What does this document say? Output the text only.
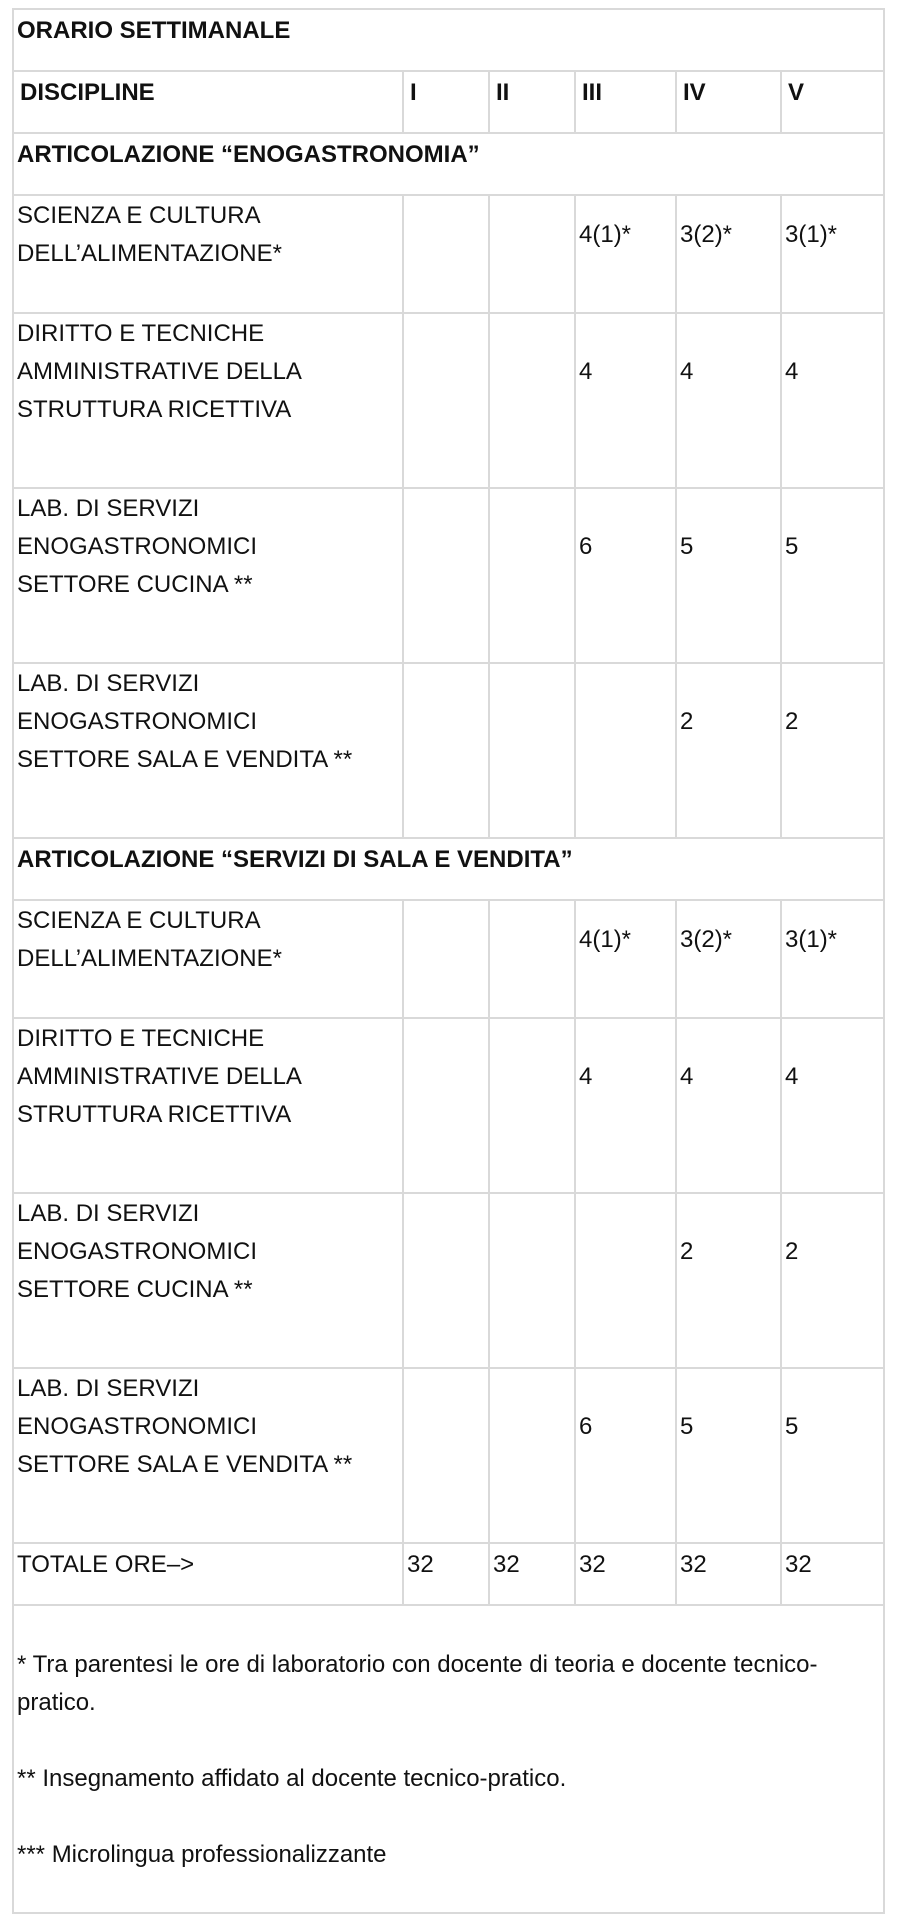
ORARIO SETTIMANALE					
DISCIPLINE	I	II	III	IV	V
ARTICOLAZIONE “ENOGASTRONOMIA”					
SCIENZA E CULTURA
DELL’ALIMENTAZIONE*			4(1)*	3(2)*	3(1)*
DIRITTO E TECNICHE
AMMINISTRATIVE DELLA
STRUTTURA RICETTIVA			4	4	4
LAB. DI SERVIZI
ENOGASTRONOMICI
SETTORE CUCINA **			6	5	5
LAB. DI SERVIZI
ENOGASTRONOMICI
SETTORE SALA E VENDITA **				2	2
ARTICOLAZIONE “SERVIZI DI SALA E VENDITA”					
SCIENZA E CULTURA
DELL’ALIMENTAZIONE*			4(1)*	3(2)*	3(1)*
DIRITTO E TECNICHE
AMMINISTRATIVE DELLA
STRUTTURA RICETTIVA			4	4	4
LAB. DI SERVIZI
ENOGASTRONOMICI
SETTORE CUCINA **				2	2
LAB. DI SERVIZI
ENOGASTRONOMICI
SETTORE SALA E VENDITA **			6	5	5
TOTALE ORE–>	32	32	32	32	32

* Tra parentesi le ore di laboratorio con docente di teoria e docente tecnico-pratico.

** Insegnamento affidato al docente tecnico-pratico.

*** Microlingua professionalizzante					
